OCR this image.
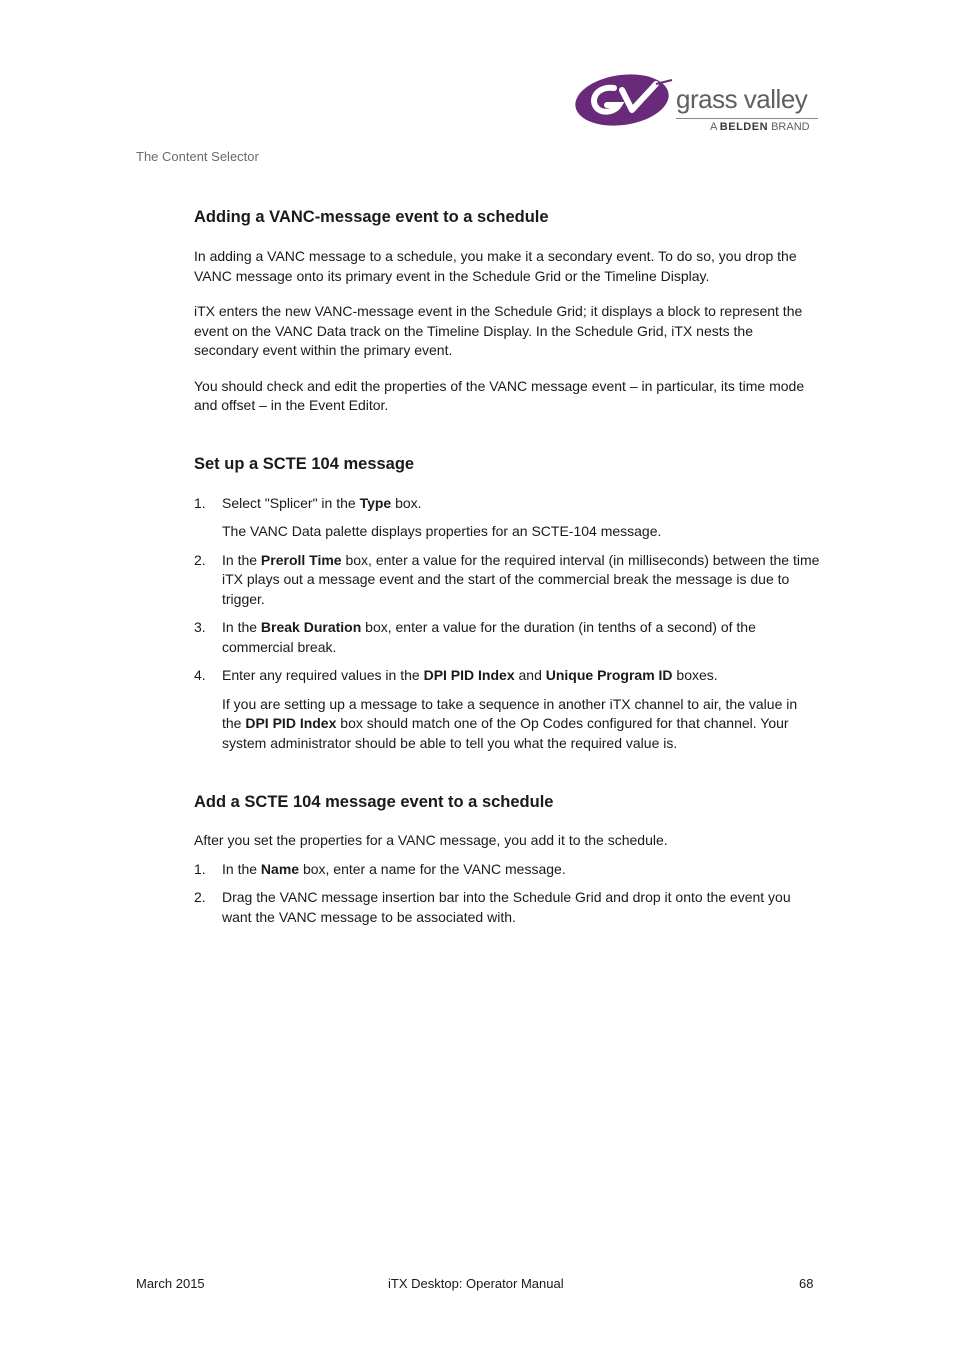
The Content Selector
grass valley
A BELDEN BRAND
Adding a VANC-message event to a schedule

In adding a VANC message to a schedule, you make it a secondary event. To do so, you drop the VANC message onto its primary event in the Schedule Grid or the Timeline Display.

iTX enters the new VANC-message event in the Schedule Grid; it displays a block to represent the event on the VANC Data track on the Timeline Display. In the Schedule Grid, iTX nests the secondary event within the primary event.

You should check and edit the properties of the VANC message event – in particular, its time mode and offset – in the Event Editor.

Set up a SCTE 104 message
1. Select "Splicer" in the Type box.
The VANC Data palette displays properties for an SCTE-104 message.
2. In the Preroll Time box, enter a value for the required interval (in milliseconds) between the time iTX plays out a message event and the start of the commercial break the message is due to trigger.
3. In the Break Duration box, enter a value for the duration (in tenths of a second) of the commercial break.
4. Enter any required values in the DPI PID Index and Unique Program ID boxes.
If you are setting up a message to take a sequence in another iTX channel to air, the value in the DPI PID Index box should match one of the Op Codes configured for that channel. Your system administrator should be able to tell you what the required value is.
Add a SCTE 104 message event to a schedule

After you set the properties for a VANC message, you add it to the schedule.

1. In the Name box, enter a name for the VANC message.
2. Drag the VANC message insertion bar into the Schedule Grid and drop it onto the event you want the VANC message to be associated with.
March 2015	iTX Desktop: Operator Manual	68
